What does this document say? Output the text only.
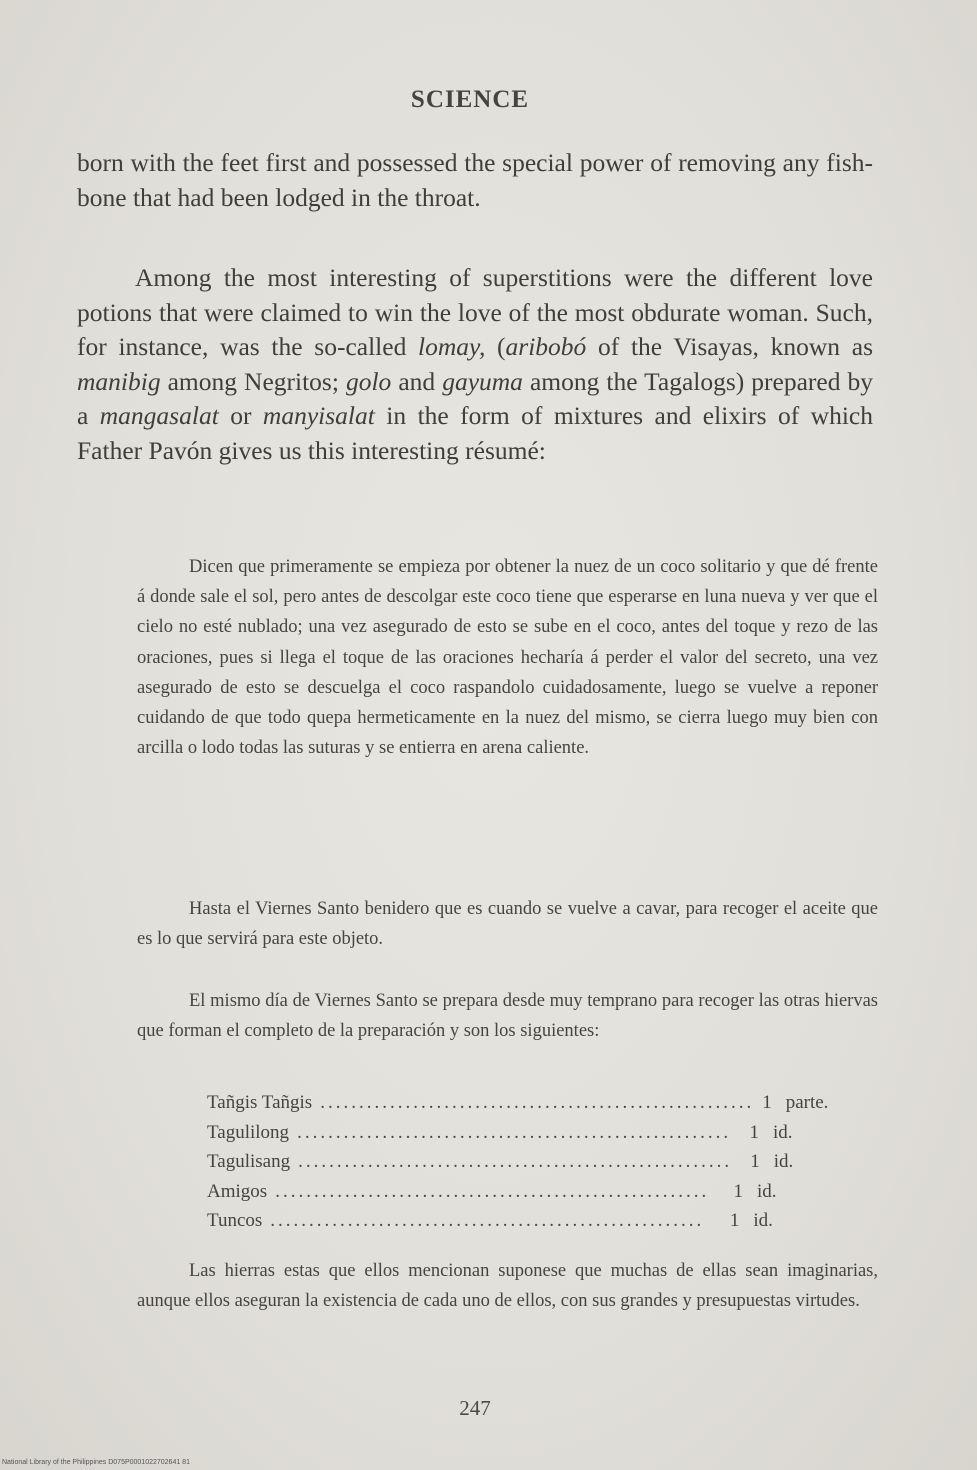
SCIENCE

born with the feet first and possessed the special power of removing any fish-bone that had been lodged in the throat.

Among the most interesting of superstitions were the different love potions that were claimed to win the love of the most obdurate woman. Such, for instance, was the so-called lomay, (aribobó of the Visayas, known as manibig among Negritos; golo and gayuma among the Tagalogs) prepared by a mangasalat or manyisalat in the form of mixtures and elixirs of which Father Pavón gives us this interesting résumé:

Dicen que primeramente se empieza por obtener la nuez de un coco solitario y que dé frente á donde sale el sol, pero antes de descolgar este coco tiene que esperarse en luna nueva y ver que el cielo no esté nublado; una vez asegurado de esto se sube en el coco, antes del toque y rezo de las oraciones, pues si llega el toque de las oraciones hecharía á perder el valor del secreto, una vez asegurado de esto se descuelga el coco raspandolo cuidadosamente, luego se vuelve a reponer cuidando de que todo quepa hermeticamente en la nuez del mismo, se cierra luego muy bien con arcilla o lodo todas las suturas y se entierra en arena caliente.

Hasta el Viernes Santo benidero que es cuando se vuelve a cavar, para recoger el aceite que es lo que servirá para este objeto.

El mismo día de Viernes Santo se prepara desde muy temprano para recoger las otras hiervas que forman el completo de la preparación y son los siguientes:

Tañgis Tañgis ........................................................ 1 parte.
Tagulilong ........................................................ 1 id.
Tagulisang ........................................................ 1 id.
Amigos ........................................................	1 id.
Tuncos ........................................................	1 id.

Las hierras estas que ellos mencionan suponese que muchas de ellas sean imaginarias, aunque ellos aseguran la existencia de cada uno de ellos, con sus grandes y presupuestas virtudes.

247
National Library of the Philippines D075P0001022702641 81
